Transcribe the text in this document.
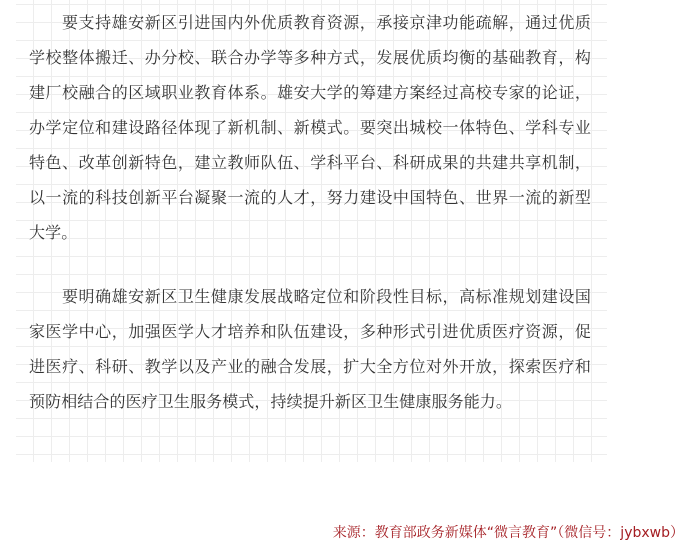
要支持雄安新区引进国内外优质教育资源，承接京津功能疏解，通过优质学校整体搬迁、办分校、联合办学等多种方式，发展优质均衡的基础教育，构建厂校融合的区域职业教育体系。雄安大学的筹建方案经过高校专家的论证，办学定位和建设路径体现了新机制、新模式。要突出城校一体特色、学科专业特色、改革创新特色，建立教师队伍、学科平台、科研成果的共建共享机制，以一流的科技创新平台凝聚一流的人才，努力建设中国特色、世界一流的新型大学。

要明确雄安新区卫生健康发展战略定位和阶段性目标，高标准规划建设国家医学中心，加强医学人才培养和队伍建设，多种形式引进优质医疗资源，促进医疗、科研、教学以及产业的融合发展，扩大全方位对外开放，探索医疗和预防相结合的医疗卫生服务模式，持续提升新区卫生健康服务能力。

来源：教育部政务新媒体“微言教育”（微信号：jybxwb）
